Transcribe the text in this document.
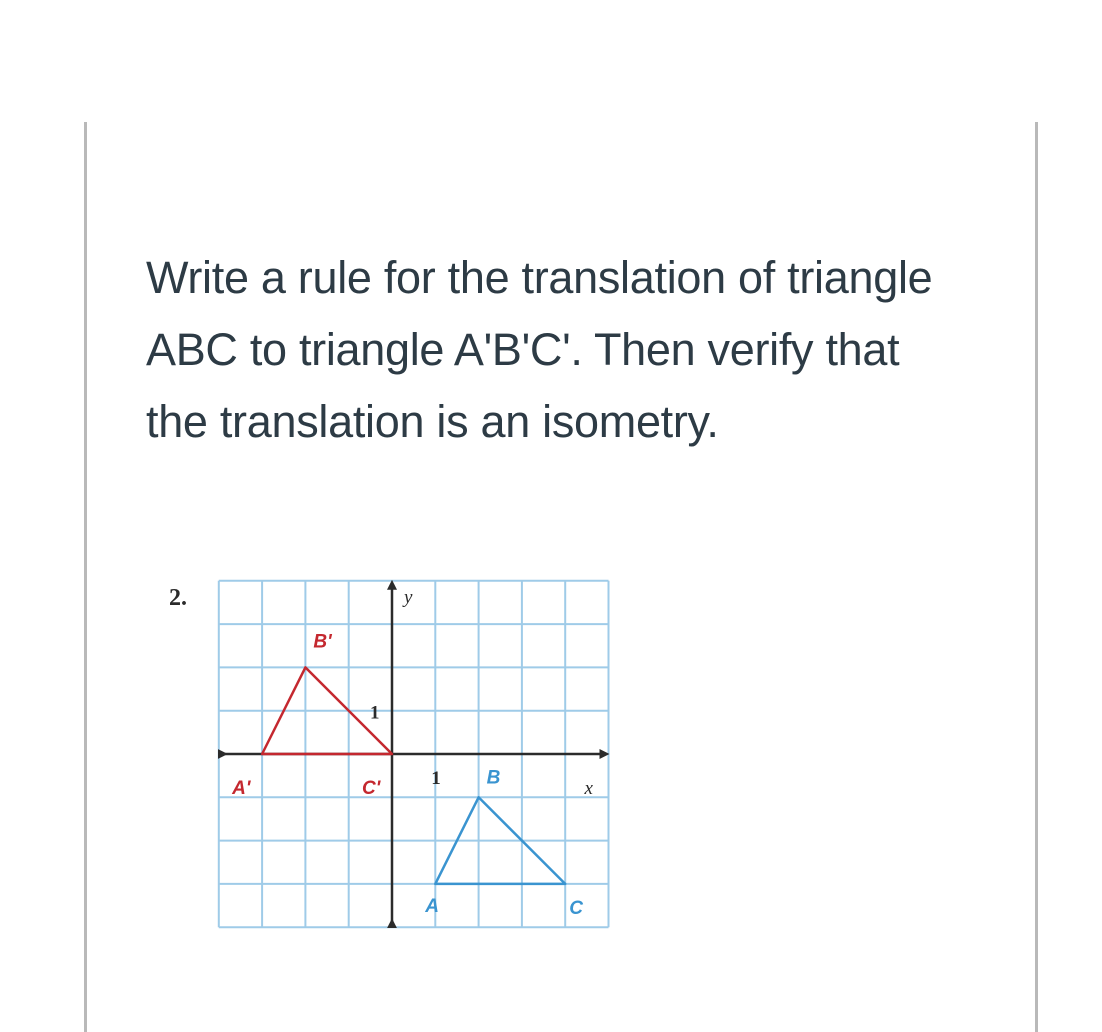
Write a rule for the translation of triangle ABC to triangle A'B'C'. Then verify that the translation is an isometry.

2.
x
y
1
1
A
B
C
A'
B'
C'
